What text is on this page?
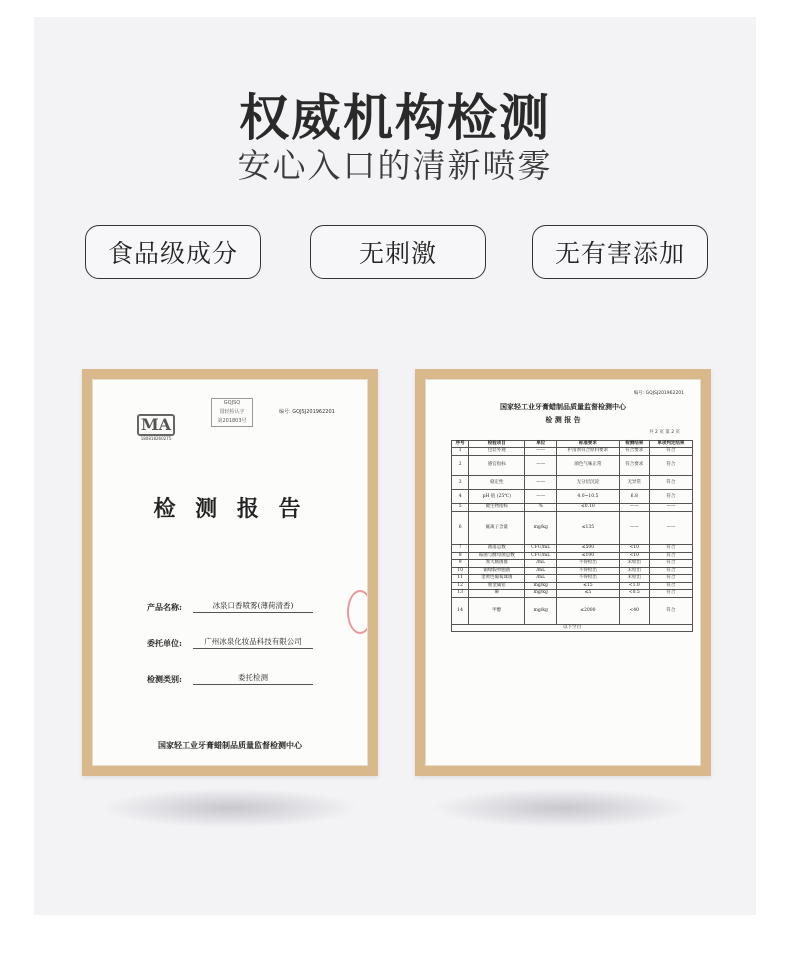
权威机构检测
安心入口的清新喷雾
食品级成分	无刺激	无有害添加
MA
180818260275
GQJSQ
国轻检认字
第201803号
编号: GQJSJ201962201
检 测 报 告
产品名称:	冰泉口香喷雾(薄荷清香)
委托单位:	广州冰泉化妆品科技有限公司
检测类别:	委托检测
国家轻工业牙膏蜡制品质量监督检测中心
编号: GQJSJ201962201
国家轻工业牙膏蜡制品质量监督检测中心
检 测 报 告
共 2 页 第 2 页
序号	检验项目	单位	标准要求	检测结果	单项判定结果
1	包装外观	——	护清剂符合原料要求	符合要求	符合
2	感官指标	——	颜色气味正常	符合要求	符合
3	稳定性	——	无分层沉淀	无异常	符合
4	pH 值 (25℃)	——	4.0~10.5	6.8	符合
5	微生物指标	%	≤0.10	——	——
6	氟离子含量	mg/kg	≤135	——	——
7	菌落总数	CFU/mL	≤500	<10	符合
8	霉菌与酵母菌总数	CFU/mL	≤100	<10	符合
9	粪大肠菌群	/mL	不得检出	未检出	符合
10	铜绿假单胞菌	/mL	不得检出	未检出	符合
11	金黄色葡萄球菌	/mL	不得检出	未检出	符合
12	重金属铅	mg/kg	≤15	<1.0	符合
13	砷	mg/kg	≤5	<0.5	符合
14	甲醇	mg/kg	≤2000	<40	符合
以下空白					
